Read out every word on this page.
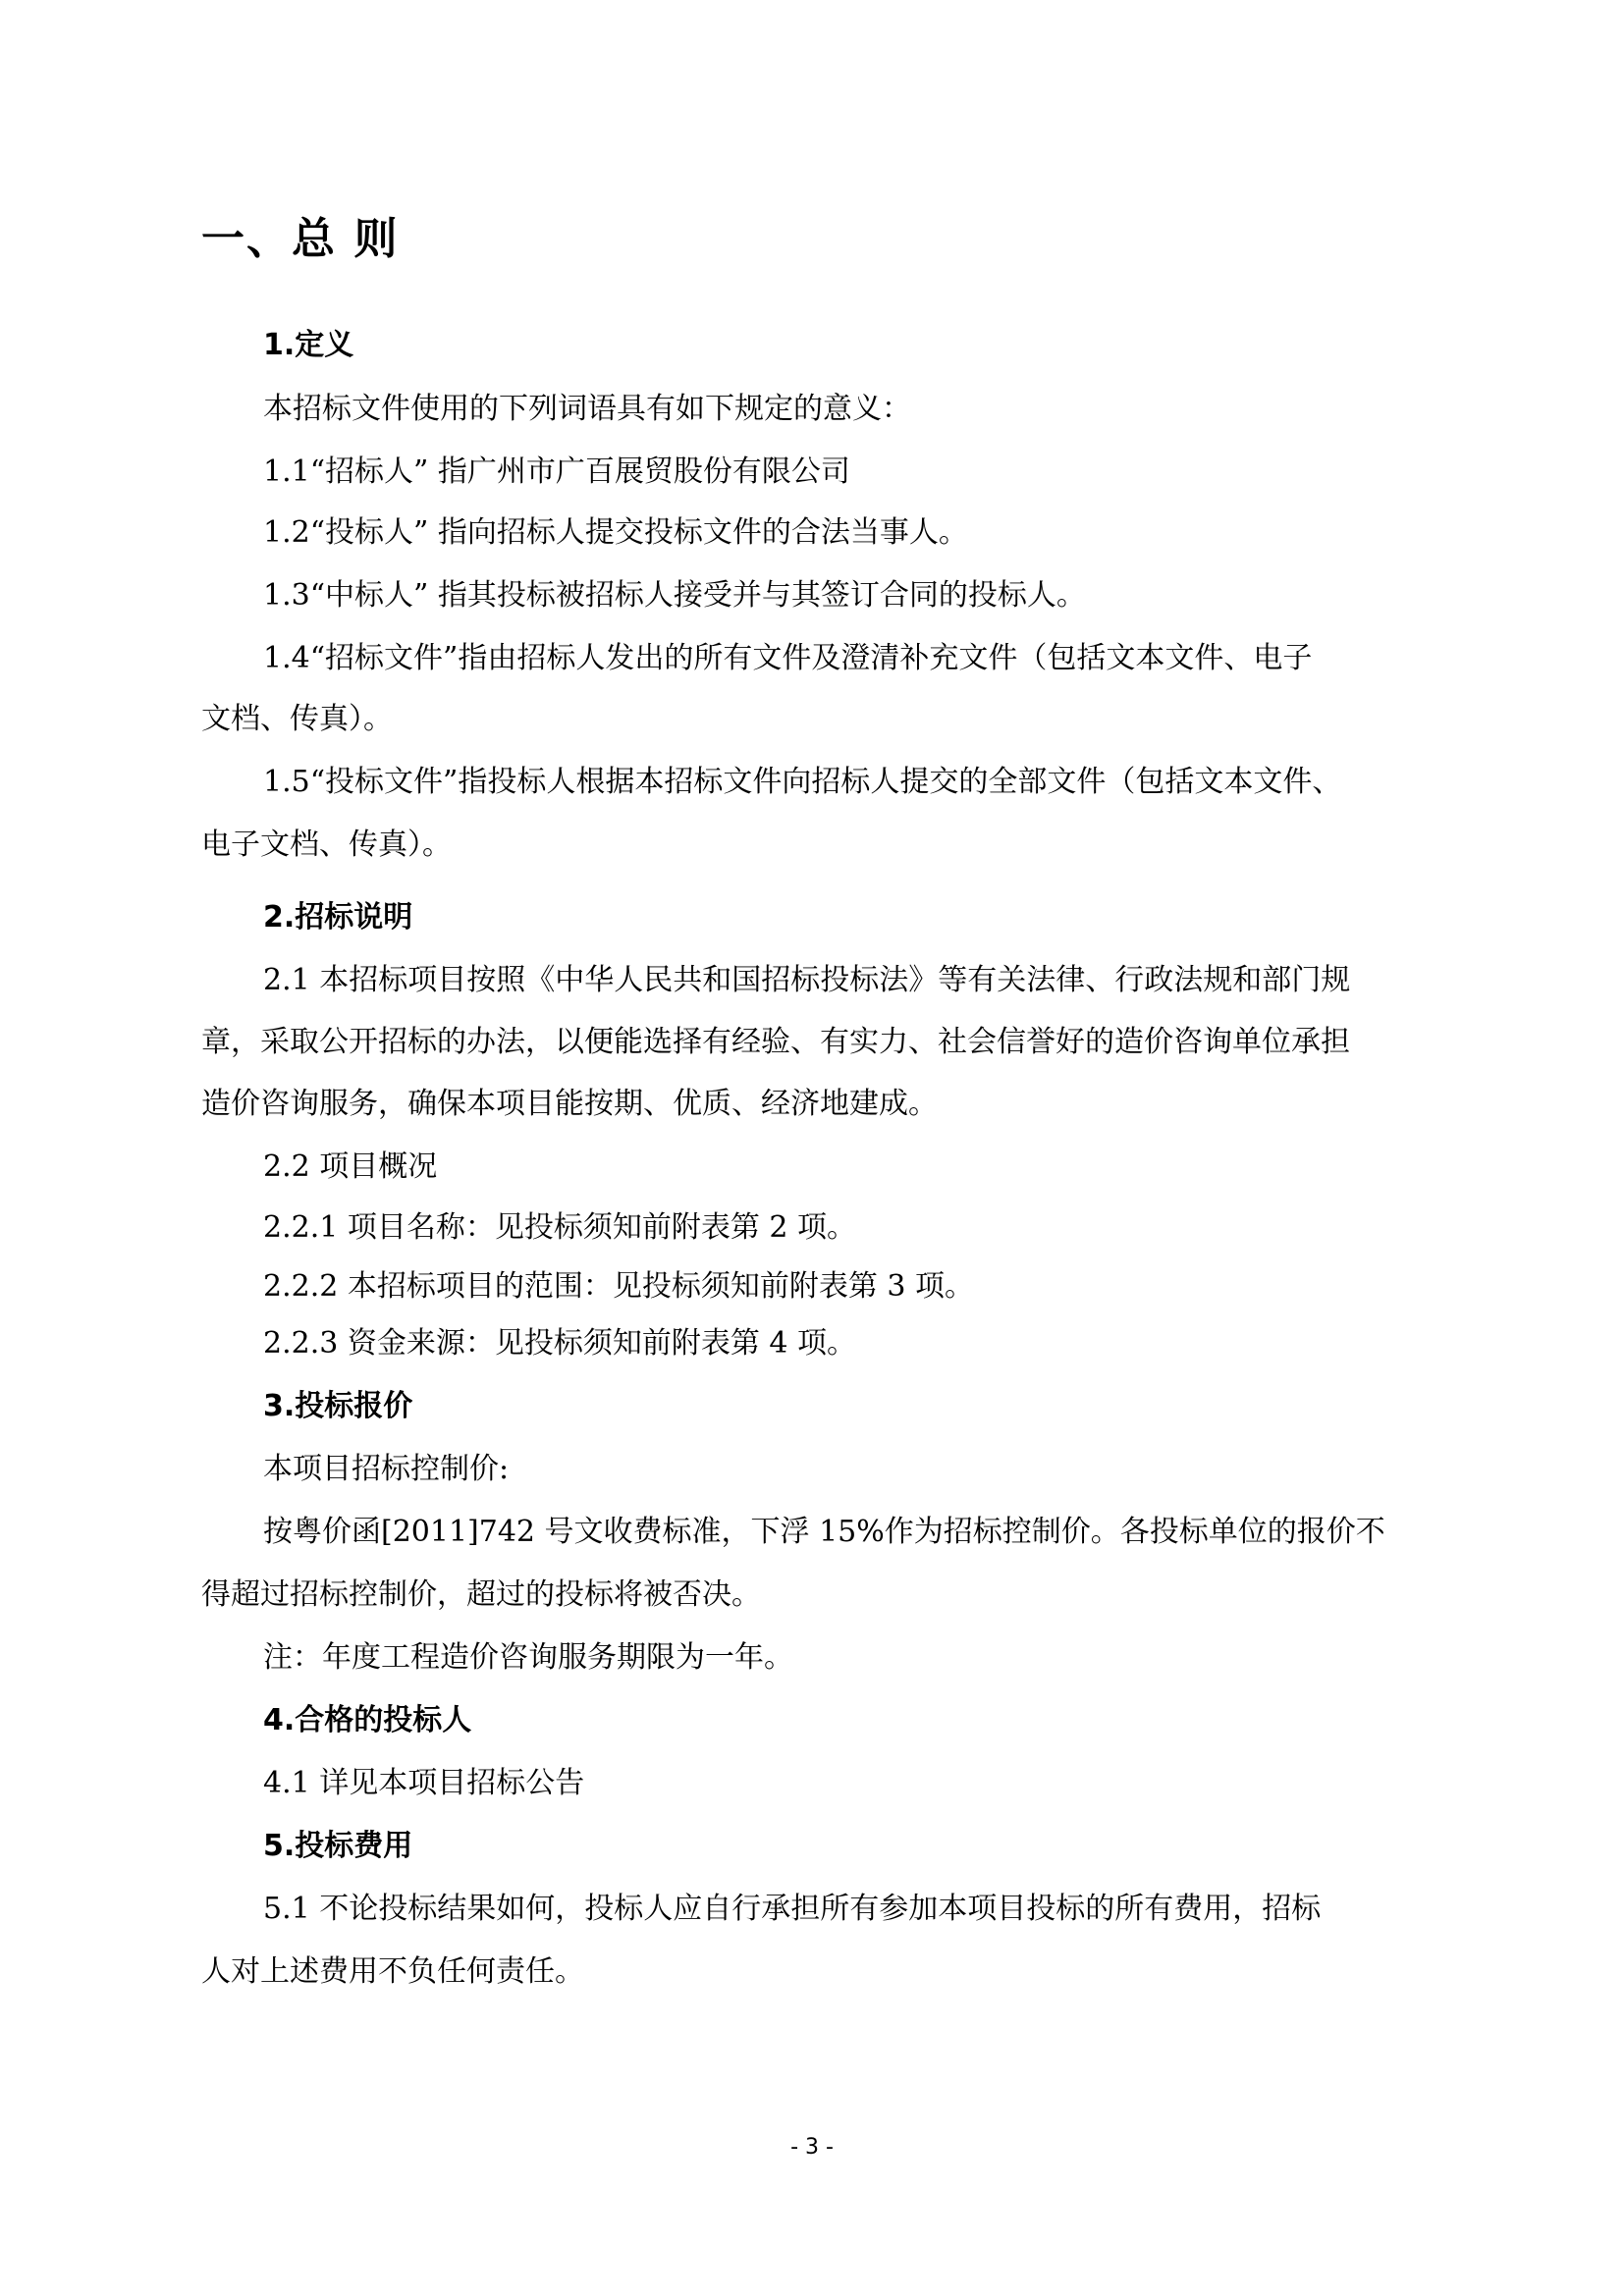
一、总 则
1.定义
本招标文件使用的下列词语具有如下规定的意义：
1.1“招标人” 指广州市广百展贸股份有限公司
1.2“投标人” 指向招标人提交投标文件的合法当事人。
1.3“中标人” 指其投标被招标人接受并与其签订合同的投标人。
1.4“招标文件”指由招标人发出的所有文件及澄清补充文件（包括文本文件、电子
文档、传真）。
1.5“投标文件”指投标人根据本招标文件向招标人提交的全部文件（包括文本文件、
电子文档、传真）。
2.招标说明
2.1 本招标项目按照《中华人民共和国招标投标法》等有关法律、行政法规和部门规
章，采取公开招标的办法，以便能选择有经验、有实力、社会信誉好的造价咨询单位承担
造价咨询服务，确保本项目能按期、优质、经济地建成。
2.2 项目概况
2.2.1 项目名称：见投标须知前附表第 2 项。
2.2.2 本招标项目的范围：见投标须知前附表第 3 项。
2.2.3 资金来源：见投标须知前附表第 4 项。
3.投标报价
本项目招标控制价:
按粤价函[2011]742 号文收费标准，下浮 15%作为招标控制价。各投标单位的报价不
得超过招标控制价，超过的投标将被否决。
注：年度工程造价咨询服务期限为一年。
4.合格的投标人
4.1 详见本项目招标公告
5.投标费用
5.1 不论投标结果如何，投标人应自行承担所有参加本项目投标的所有费用，招标
人对上述费用不负任何责任。
- 3 -
